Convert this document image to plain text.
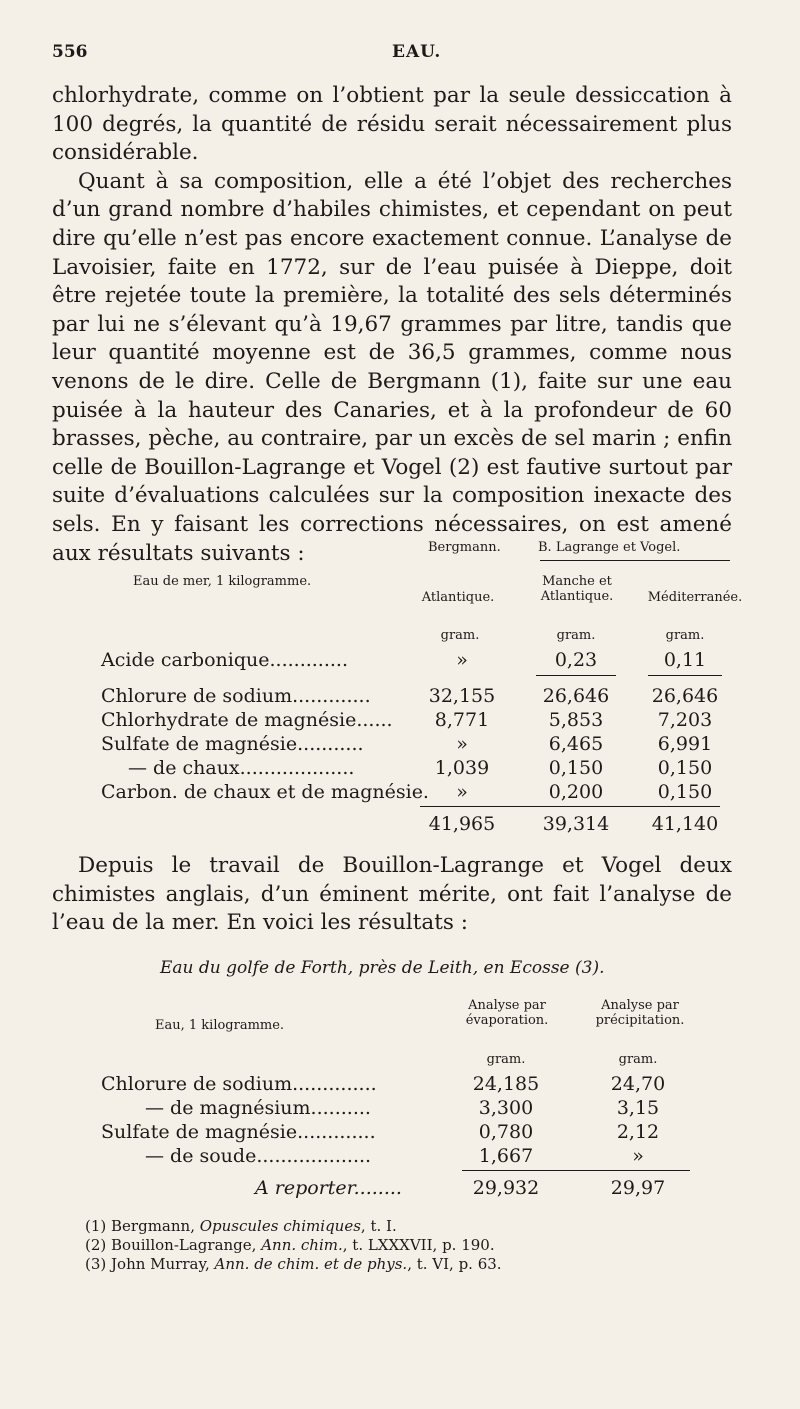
556	EAU.

chlorhydrate, comme on l’obtient par la seule dessiccation à 100 degrés, la quantité de résidu serait nécessairement plus considérable.

Quant à sa composition, elle a été l’objet des recherches d’un grand nombre d’habiles chimistes, et cependant on peut dire qu’elle n’est pas encore exactement connue. L’analyse de Lavoisier, faite en 1772, sur de l’eau puisée à Dieppe, doit être rejetée toute la première, la totalité des sels déterminés par lui ne s’élevant qu’à 19,67 grammes par litre, tandis que leur quantité moyenne est de 36,5 grammes, comme nous venons de le dire. Celle de Bergmann (1), faite sur une eau puisée à la hauteur des Canaries, et à la profondeur de 60 brasses, pèche, au contraire, par un excès de sel marin ; enfin celle de Bouillon-Lagrange et Vogel (2) est fautive surtout par suite d’évaluations calculées sur la composition inexacte des sels. En y faisant les corrections nécessaires, on est amené aux résultats suivants :	Bergmann.	B. Lagrange et Vogel.
Eau de mer, 1 kilogramme.
Atlantique.
Manche et Atlantique.	Méditerranée.
gram.	gram.	gram.
Acide carbonique.............	»	0,23	0,11
Chlorure de sodium.............	32,155	26,646	26,646
Chlorhydrate de magnésie......	8,771	5,853	7,203
Sulfate de magnésie...........	»	6,465	6,991
— de chaux...................	1,039	0,150	0,150
Carbon. de chaux et de magnésie.	»	0,200	0,150
41,965	39,314	41,140

Depuis le travail de Bouillon-Lagrange et Vogel deux chimistes anglais, d’un éminent mérite, ont fait l’analyse de l’eau de la mer. En voici les résultats :

Eau du golfe de Forth, près de Leith, en Ecosse (3).
Eau, 1 kilogramme.
Analyse par évaporation.
Analyse par précipitation.
gram.	gram.
Chlorure de sodium..............	24,185	24,70
— de magnésium..........	3,300	3,15
Sulfate de magnésie.............	0,780	2,12
— de soude...................	1,667	»
A reporter........	29,932	29,97
(1) Bergmann, Opuscules chimiques, t. I.
(2) Bouillon-Lagrange, Ann. chim., t. LXXXVII, p. 190.
(3) John Murray, Ann. de chim. et de phys., t. VI, p. 63.
